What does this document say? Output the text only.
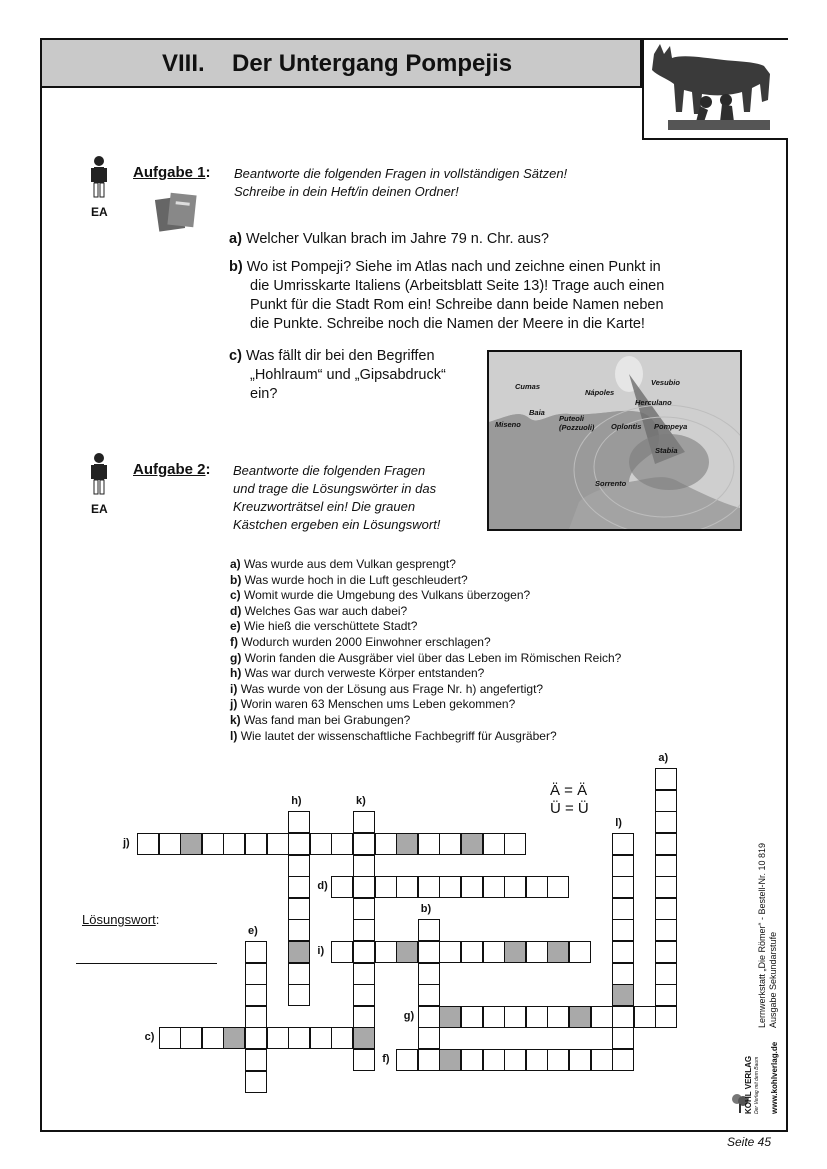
VIII. Der Untergang Pompejis
EA
Aufgabe 1: Beantworte die folgenden Fragen in vollständigen Sätzen!
Schreibe in dein Heft/in deinen Ordner!
a) Welcher Vulkan brach im Jahre 79 n. Chr. aus?
b) Wo ist Pompeji? Siehe im Atlas nach und zeichne einen Punkt in
die Umrisskarte Italiens (Arbeitsblatt Seite 13)! Trage auch einen
Punkt für die Stadt Rom ein! Schreibe dann beide Namen neben
die Punkte. Schreibe noch die Namen der Meere in die Karte!
c) Was fällt dir bei den Begriffen
„Hohlraum“ und „Gipsabdruck“
ein?	Cumas
Nápoles
Vesubio
Herculano
Baia
Puteoli
(Pozzuoli)
Miseno	Oplontis Pompeya
Stabia
Sorrento
EA
Aufgabe 2: Beantworte die folgenden Fragen
und trage die Lösungswörter in das
Kreuzworträtsel ein! Die grauen
Kästchen ergeben ein Lösungswort!
a) Was wurde aus dem Vulkan gesprengt?
b) Was wurde hoch in die Luft geschleudert?
c) Womit wurde die Umgebung des Vulkans überzogen?
d) Welches Gas war auch dabei?
e) Wie hieß die verschüttete Stadt?
f) Wodurch wurden 2000 Einwohner erschlagen?
g) Worin fanden die Ausgräber viel über das Leben im Römischen Reich?
h) Was war durch verweste Körper entstanden?
i) Was wurde von der Lösung aus Frage Nr. h) angefertigt?
j) Worin waren 63 Menschen ums Leben gekommen?
k) Was fand man bei Grabungen?
l) Wie lautet der wissenschaftliche Fachbegriff für Ausgräber?
j)
d)
i)
g)
c)
f)
h)	k)
l)
a)
b)
e)
Ä = Ä
Ü = Ü
Lösungswort:
KOHL VERLAG Der Verlag mit dem Baum www.kohlverlag.de
Lernwerkstatt „Die Römer“ - Bestell-Nr. 10 819 Ausgabe Sekundarstufe
Seite 45
